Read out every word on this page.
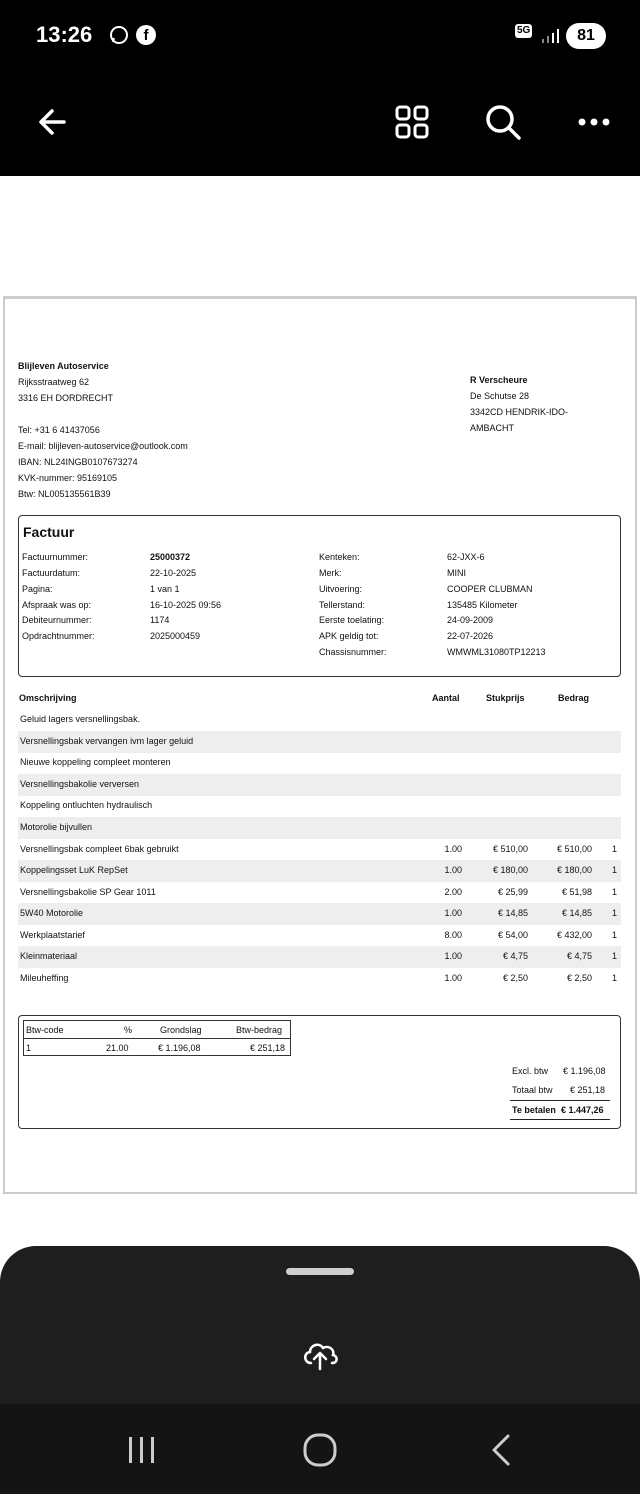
13:26	f	5G	81
Blijleven Autoservice
Rijksstraatweg 62
3316 EH DORDRECHT
Tel: +31 6 41437056
E-mail: blijleven-autoservice@outlook.com
IBAN: NL24INGB0107673274
KVK-nummer: 95169105
Btw: NL005135561B39
R Verscheure
De Schutse 28
3342CD HENDRIK-IDO-
AMBACHT
Factuur
Factuurnummer:	25000372
Factuurdatum:	22-10-2025
Pagina:	1 van 1
Afspraak was op:	16-10-2025 09:56
Debiteurnummer:	1174
Opdrachtnummer:	2025000459
Kenteken:	62-JXX-6
Merk:	MINI
Uitvoering:	COOPER CLUBMAN
Tellerstand:	135485 Kilometer
Eerste toelating:	24-09-2009
APK geldig tot:	22-07-2026
Chassisnummer:	WMWML31080TP12213
Omschrijving	Aantal	Stukprijs	Bedrag
Geluid lagers versnellingsbak.
Versnellingsbak vervangen ivm lager geluid
Nieuwe koppeling compleet monteren
Versnellingsbakolie verversen
Koppeling ontluchten hydraulisch
Motorolie bijvullen
Versnellingsbak compleet 6bak gebruikt	1.00	€ 510,00	€ 510,00 1
Koppelingsset LuK RepSet	1.00	€ 180,00	€ 180,00 1
Versnellingsbakolie SP Gear 1011	2.00	€ 25,99	€ 51,98 1
5W40 Motorolie	1.00	€ 14,85	€ 14,85 1
Werkplaatstarief	8.00	€ 54,00	€ 432,00 1
Kleinmateriaal	1.00	€ 4,75	€ 4,75 1
Mileuheffing	1.00	€ 2,50	€ 2,50 1
Btw-code	%	Grondslag	Btw-bedrag
1	21.00	€ 1.196,08	€ 251,18
Excl. btw € 1.196,08
Totaal btw € 251,18
Te betalen € 1.447,26
